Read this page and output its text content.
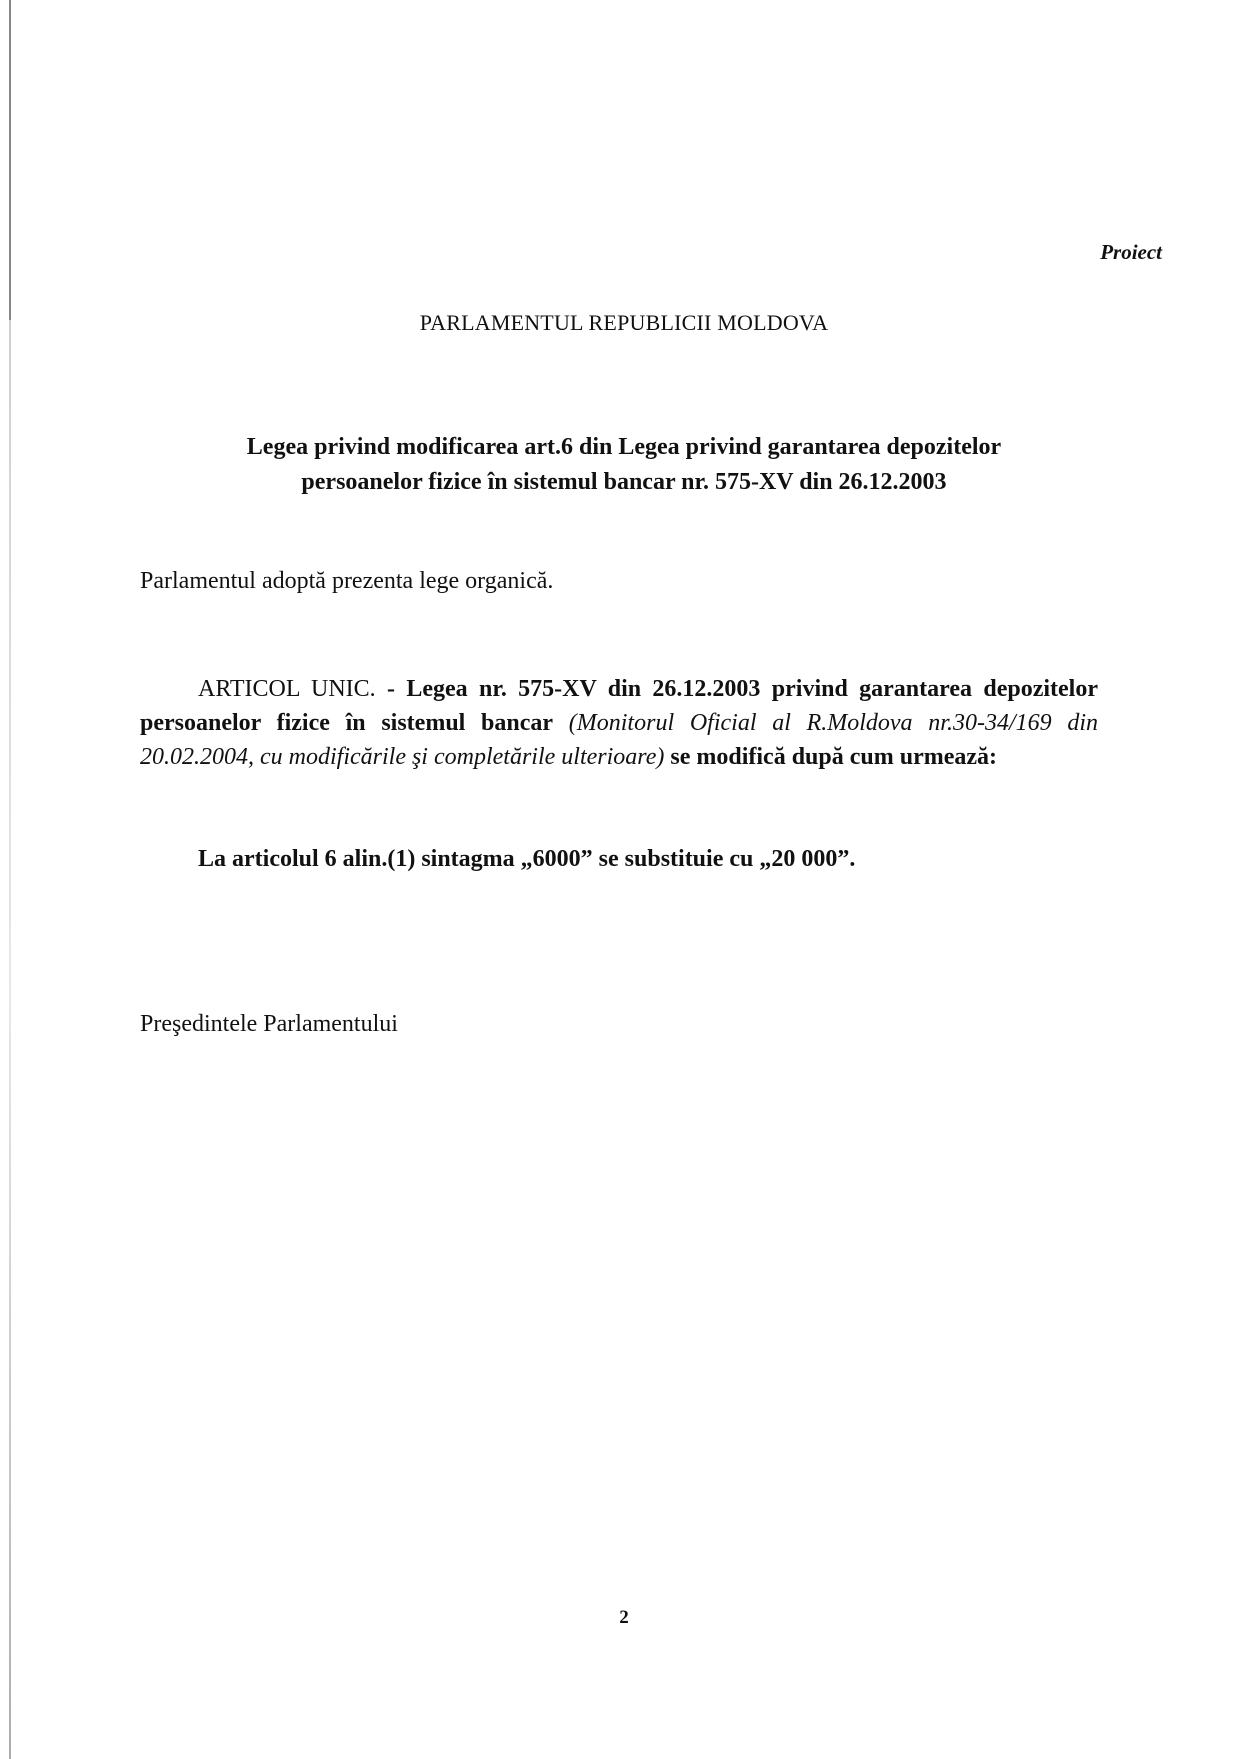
Proiect
PARLAMENTUL REPUBLICII MOLDOVA
Legea privind modificarea art.6 din Legea privind garantarea depozitelor
persoanelor fizice în sistemul bancar nr. 575-XV din 26.12.2003
Parlamentul adoptă prezenta lege organică.
ARTICOL UNIC. - Legea nr. 575-XV din 26.12.2003 privind garantarea depozitelor persoanelor fizice în sistemul bancar (Monitorul Oficial al R.Moldova nr.30-34/169 din 20.02.2004, cu modificările şi completările ulterioare) se modifică după cum urmează:
La articolul 6 alin.(1) sintagma „6000” se substituie cu „20 000”.
Preşedintele Parlamentului
2
